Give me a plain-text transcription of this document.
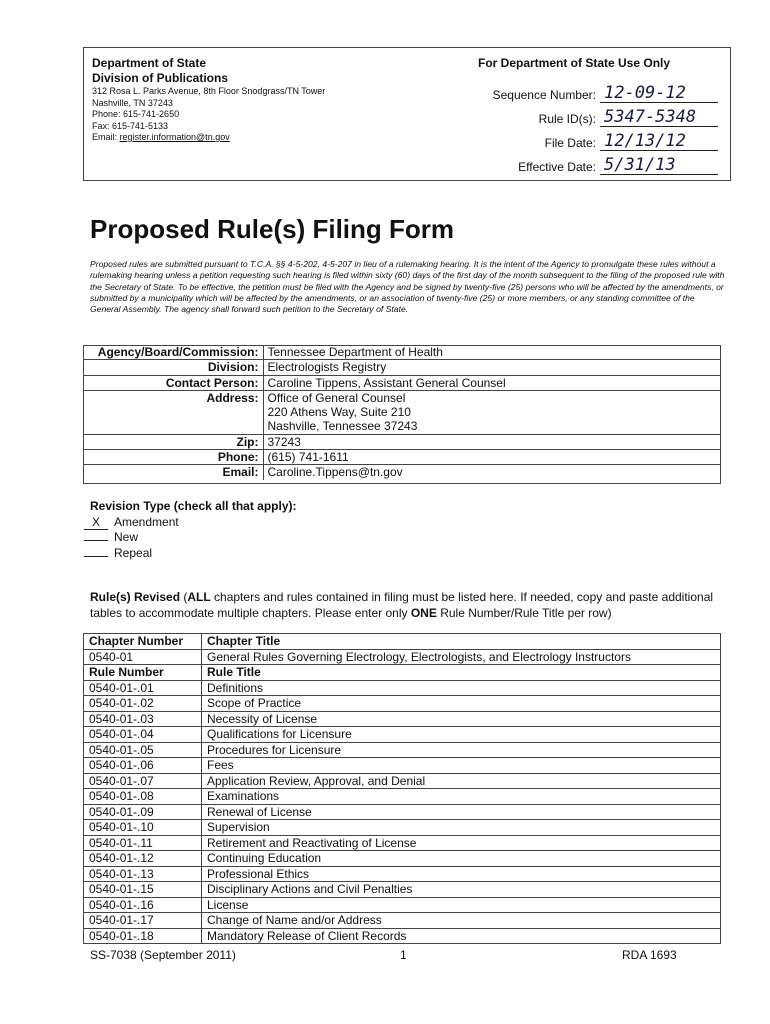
Department of State
Division of Publications
312 Rosa L. Parks Avenue, 8th Floor Snodgrass/TN Tower
Nashville, TN 37243
Phone: 615-741-2650
Fax: 615-741-5133
Email: register.information@tn.gov
For Department of State Use Only
Sequence Number: 12-09-12
Rule ID(s): 5347-5348
File Date: 12/13/12
Effective Date: 5/31/13
Proposed Rule(s) Filing Form
Proposed rules are submitted pursuant to T.C.A. §§ 4-5-202, 4-5-207 in lieu of a rulemaking hearing. It is the intent of the Agency to promulgate these rules without a rulemaking hearing unless a petition requesting such hearing is filed within sixty (60) days of the first day of the month subsequent to the filing of the proposed rule with the Secretary of State. To be effective, the petition must be filed with the Agency and be signed by twenty-five (25) persons who will be affected by the amendments, or submitted by a municipality which will be affected by the amendments, or an association of twenty-five (25) or more members, or any standing committee of the General Assembly. The agency shall forward such petition to the Secretary of State.
Agency/Board/Commission:	Tennessee Department of Health
Division:	Electrologists Registry
Contact Person:	Caroline Tippens, Assistant General Counsel
Address:	Office of General Counsel
	220 Athens Way, Suite 210
	Nashville, Tennessee 37243
Zip:	37243
Phone:	(615) 741-1611
Email:	Caroline.Tippens@tn.gov
Revision Type (check all that apply):
X Amendment
New
Repeal
Rule(s) Revised (ALL chapters and rules contained in filing must be listed here. If needed, copy and paste additional tables to accommodate multiple chapters. Please enter only ONE Rule Number/Rule Title per row)
Chapter Number	Chapter Title
0540-01	General Rules Governing Electrology, Electrologists, and Electrology Instructors
Rule Number	Rule Title
0540-01-.01	Definitions
0540-01-.02	Scope of Practice
0540-01-.03	Necessity of License
0540-01-.04	Qualifications for Licensure
0540-01-.05	Procedures for Licensure
0540-01-.06	Fees
0540-01-.07	Application Review, Approval, and Denial
0540-01-.08	Examinations
0540-01-.09	Renewal of License
0540-01-.10	Supervision
0540-01-.11	Retirement and Reactivating of License
0540-01-.12	Continuing Education
0540-01-.13	Professional Ethics
0540-01-.15	Disciplinary Actions and Civil Penalties
0540-01-.16	License
0540-01-.17	Change of Name and/or Address
0540-01-.18	Mandatory Release of Client Records
SS-7038 (September 2011)	1	RDA 1693
